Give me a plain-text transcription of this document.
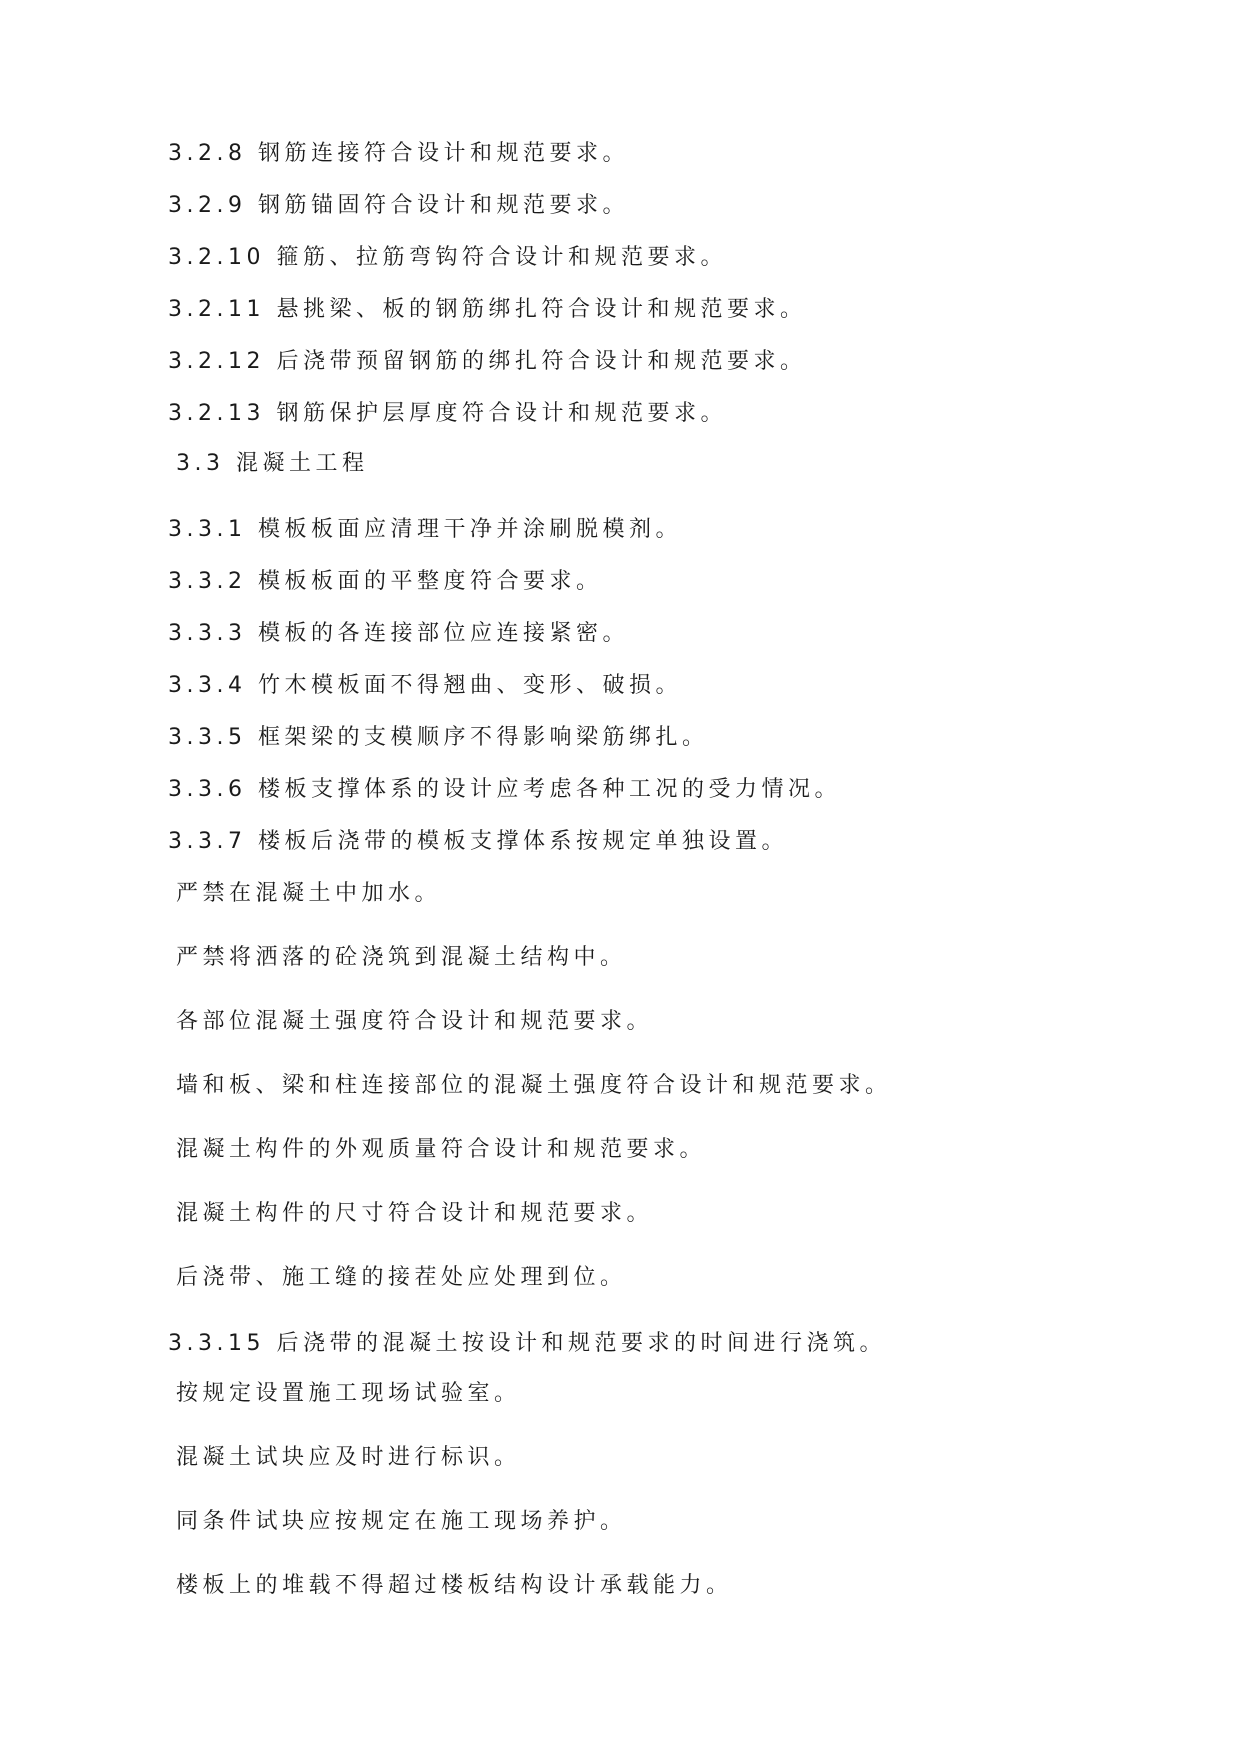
3.2.8 钢筋连接符合设计和规范要求。
3.2.9 钢筋锚固符合设计和规范要求。
3.2.10 箍筋、拉筋弯钩符合设计和规范要求。
3.2.11 悬挑梁、板的钢筋绑扎符合设计和规范要求。
3.2.12 后浇带预留钢筋的绑扎符合设计和规范要求。
3.2.13 钢筋保护层厚度符合设计和规范要求。
3.3 混凝土工程
3.3.1 模板板面应清理干净并涂刷脱模剂。
3.3.2 模板板面的平整度符合要求。
3.3.3 模板的各连接部位应连接紧密。
3.3.4 竹木模板面不得翘曲、变形、破损。
3.3.5 框架梁的支模顺序不得影响梁筋绑扎。
3.3.6 楼板支撑体系的设计应考虑各种工况的受力情况。
3.3.7 楼板后浇带的模板支撑体系按规定单独设置。
严禁在混凝土中加水。
严禁将洒落的砼浇筑到混凝土结构中。
各部位混凝土强度符合设计和规范要求。
墙和板、梁和柱连接部位的混凝土强度符合设计和规范要求。
混凝土构件的外观质量符合设计和规范要求。
混凝土构件的尺寸符合设计和规范要求。
后浇带、施工缝的接茬处应处理到位。
3.3.15 后浇带的混凝土按设计和规范要求的时间进行浇筑。
按规定设置施工现场试验室。
混凝土试块应及时进行标识。
同条件试块应按规定在施工现场养护。
楼板上的堆载不得超过楼板结构设计承载能力。
